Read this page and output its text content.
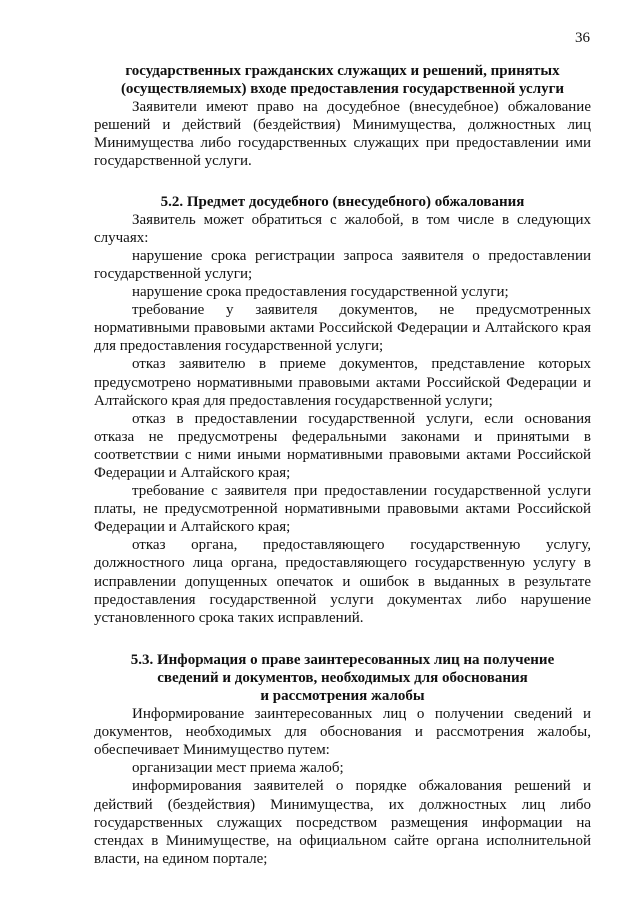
36

государственных гражданских служащих и решений, принятых (осуществляемых) входе предоставления государственной услуги

Заявители имеют право на досудебное (внесудебное) обжалование решений и действий (бездействия) Минимущества, должностных лиц Минимущества либо государственных служащих при предоставлении ими государственной услуги.

5.2. Предмет досудебного (внесудебного) обжалования

Заявитель может обратиться с жалобой, в том числе в следующих случаях:

нарушение срока регистрации запроса заявителя о предоставлении государственной услуги;

нарушение срока предоставления государственной услуги;

требование у заявителя документов, не предусмотренных нормативными правовыми актами Российской Федерации и Алтайского края для предоставления государственной услуги;

отказ заявителю в приеме документов, представление которых предусмотрено нормативными правовыми актами Российской Федерации и Алтайского края для предоставления государственной услуги;

отказ в предоставлении государственной услуги, если основания отказа не предусмотрены федеральными законами и принятыми в соответствии с ними иными нормативными правовыми актами Российской Федерации и Алтайского края;

требование с заявителя при предоставлении государственной услуги платы, не предусмотренной нормативными правовыми актами Российской Федерации и Алтайского края;

отказ органа, предоставляющего государственную услугу, должностного лица органа, предоставляющего государственную услугу в исправлении допущенных опечаток и ошибок в выданных в результате предоставления государственной услуги документах либо нарушение установленного срока таких исправлений.

5.3. Информация о праве заинтересованных лиц на получение

сведений и документов, необходимых для обоснования

и рассмотрения жалобы

Информирование заинтересованных лиц о получении сведений и документов, необходимых для обоснования и рассмотрения жалобы, обеспечивает Минимущество путем:

организации мест приема жалоб;

информирования заявителей о порядке обжалования решений и действий (бездействия) Минимущества, их должностных лиц либо государственных служащих посредством размещения информации на стендах в Минимуществе, на официальном сайте органа исполнительной власти, на едином портале;
